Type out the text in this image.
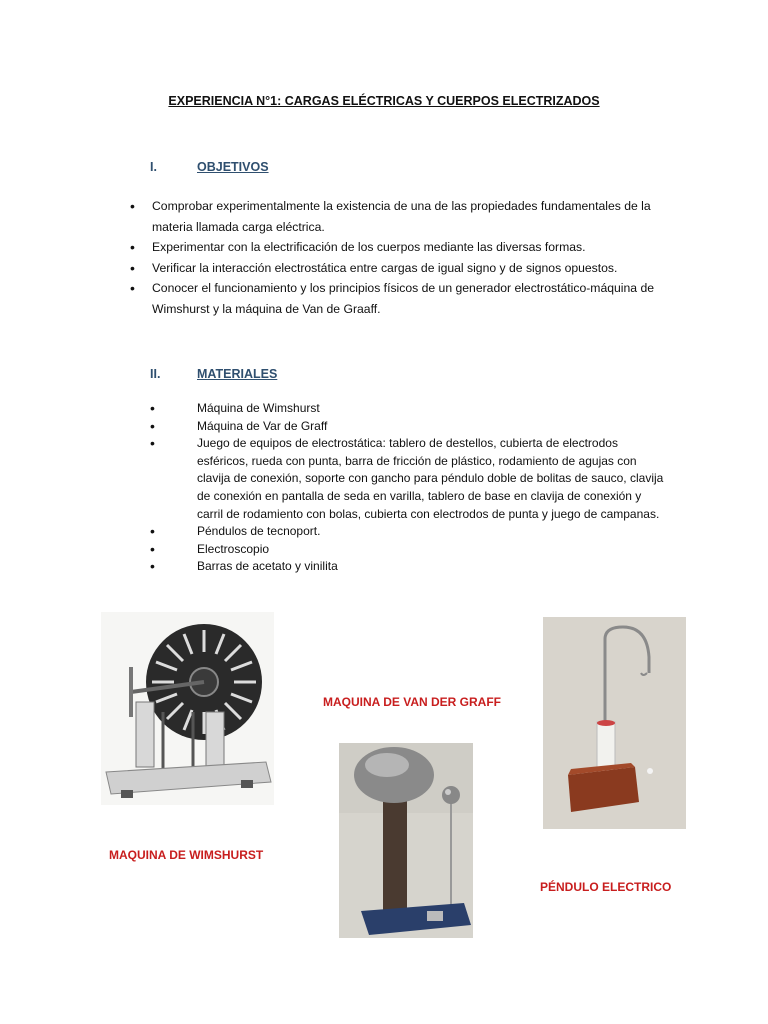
EXPERIENCIA N°1: CARGAS ELÉCTRICAS Y CUERPOS ELECTRIZADOS
I.	OBJETIVOS
• Comprobar experimentalmente la existencia de una de las propiedades fundamentales de la materia llamada carga eléctrica.
• Experimentar con la electrificación de los cuerpos mediante las diversas formas.
• Verificar la interacción electrostática entre cargas de igual signo y de signos opuestos.
• Conocer el funcionamiento y los principios físicos de un generador electrostático-máquina de Wimshurst y la máquina de Van de Graaff.
II.	MATERIALES
• Máquina de Wimshurst
• Máquina de Var de Graff
• Juego de equipos de electrostática: tablero de destellos, cubierta de electrodos esféricos, rueda con punta, barra de fricción de plástico, rodamiento de agujas con clavija de conexión, soporte con gancho para péndulo doble de bolitas de sauco, clavija de conexión en pantalla de seda en varilla, tablero de base en clavija de conexión y carril de rodamiento con bolas, cubierta con electrodos de punta y juego de campanas.
• Péndulos de tecnoport.
• Electroscopio
• Barras de acetato y vinilita
MAQUINA DE WIMSHURST
MAQUINA DE VAN DER GRAFF
PÉNDULO ELECTRICO
